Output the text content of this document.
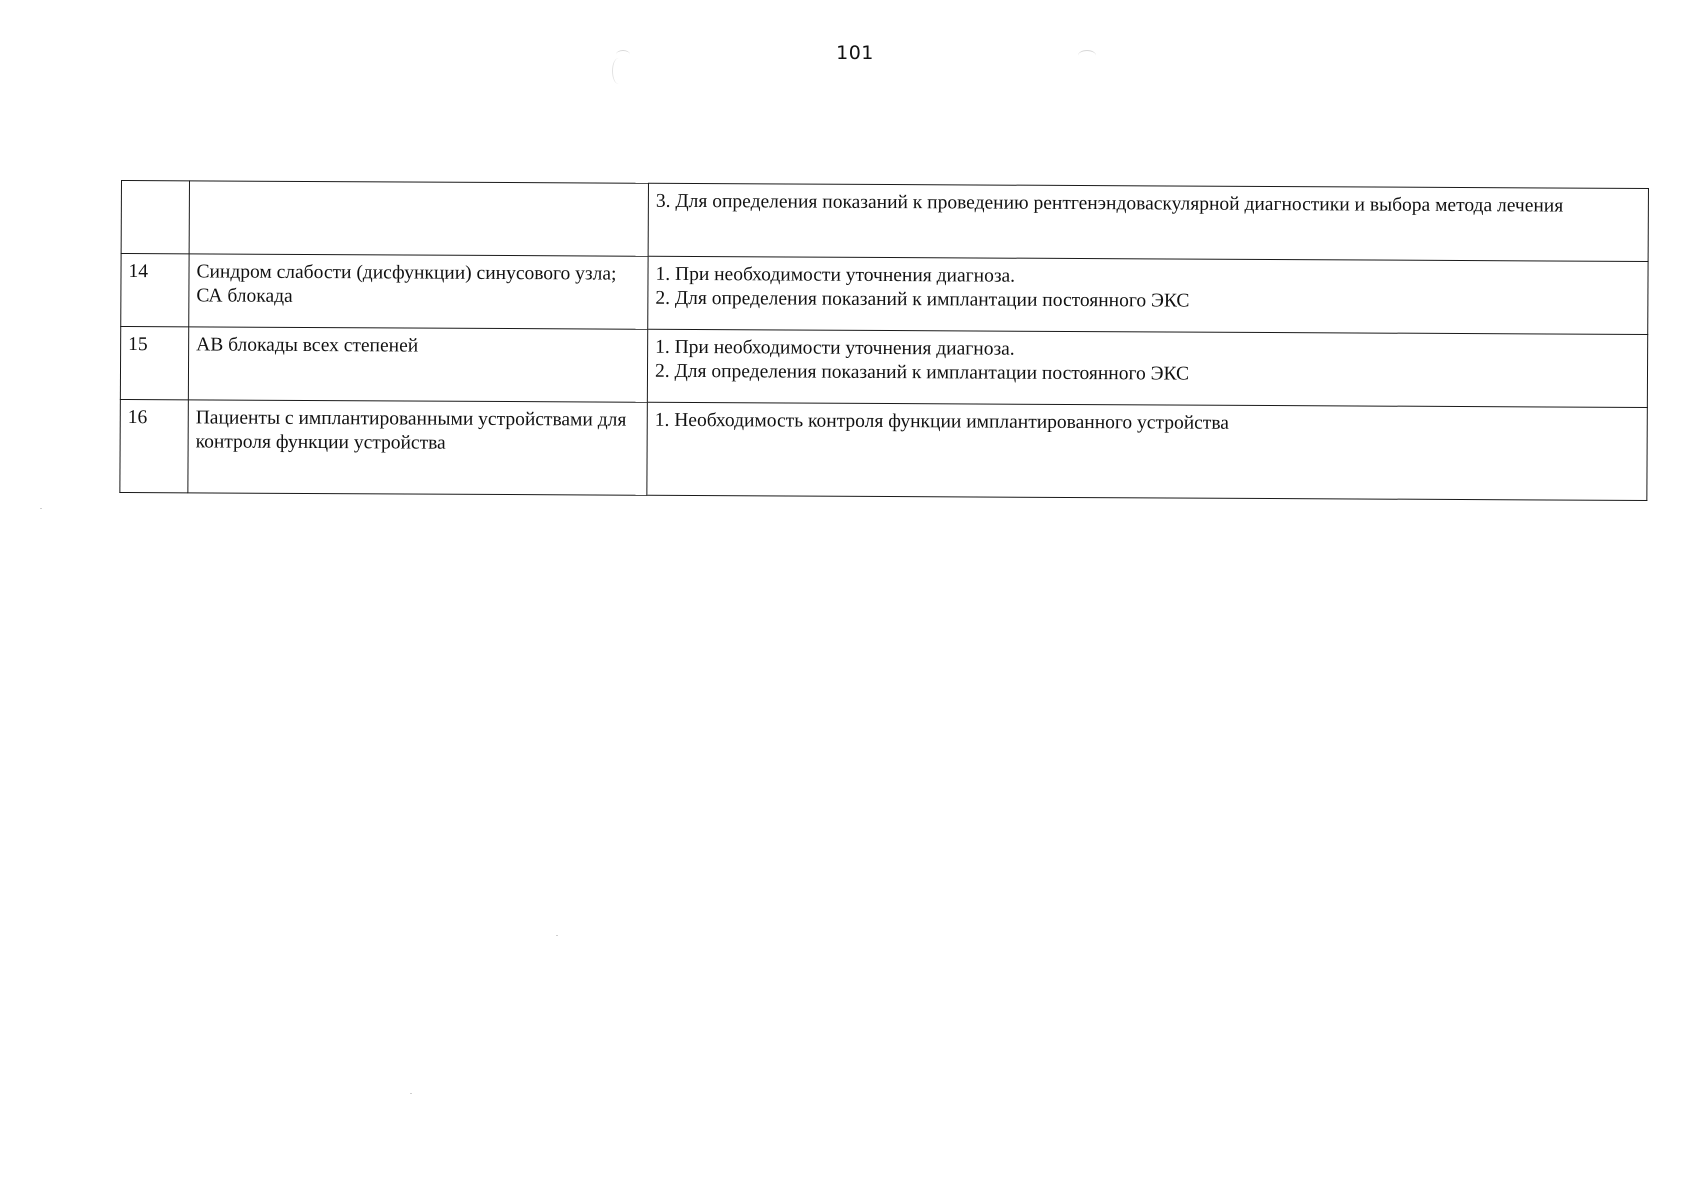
101

		3. Для определения показаний к проведению рентгенэндоваскулярной диагностики и выбора метода лечения

14	Синдром слабости (дисфункции) синусового узла; СА блокада	1. При необходимости уточнения диагноза.
2. Для определения показаний к имплантации постоянного ЭКС

15	АВ блокады всех степеней	1. При необходимости уточнения диагноза.
2. Для определения показаний к имплантации постоянного ЭКС

16	Пациенты с имплантированными устройствами для контроля функции устройства	1. Необходимость контроля функции имплантированного устройства
